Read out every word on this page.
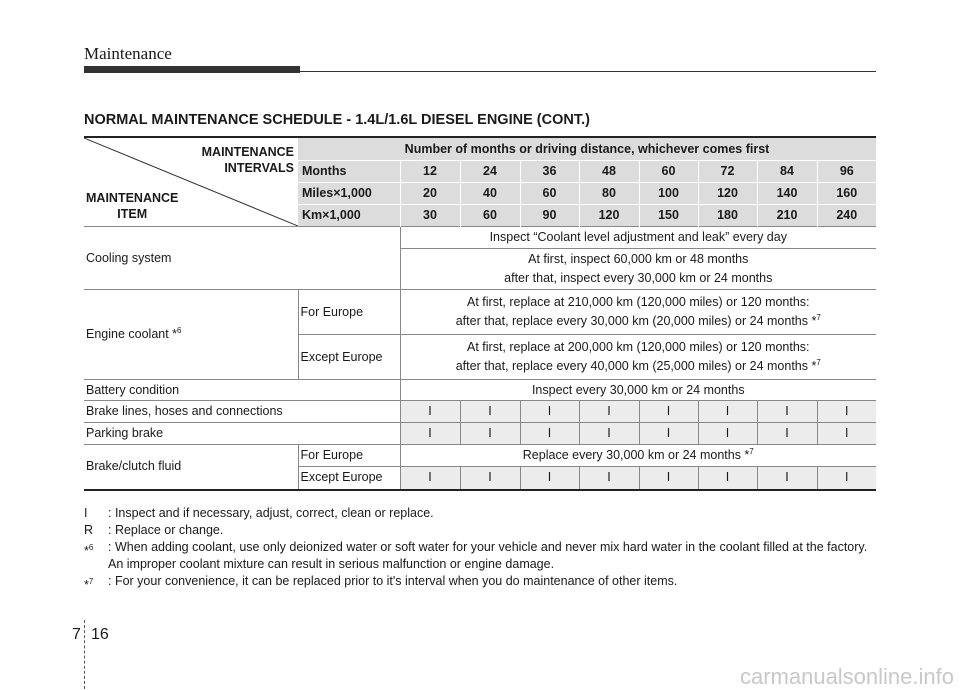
Maintenance
NORMAL MAINTENANCE SCHEDULE - 1.4L/1.6L DIESEL ENGINE (CONT.)
MAINTENANCE
INTERVALS
MAINTENANCE
ITEM	Number of months or driving distance, whichever comes first								
	Months	12	24	36	48	60	72	84	96
	Miles×1,000	20	40	60	80	100	120	140	160
	Km×1,000	30	60	90	120	150	180	210	240
Cooling system		Inspect “Coolant level adjustment and leak” every day							

		At first, inspect 60,000 km or 48 months
after that, inspect every 30,000 km or 24 months							

Engine coolant *$^6$	For Europe	At first, replace at 210,000 km (120,000 miles) or 120 months:
after that, replace every 30,000 km (20,000 miles) or 24 months *$^7$

	Except Europe	At first, replace at 200,000 km (120,000 miles) or 120 months:
after that, replace every 40,000 km (25,000 miles) or 24 months *$^7$

Battery condition		Inspect every 30,000 km or 24 months							
Brake lines, hoses and connections		I	I	I	I	I	I	I	I
Parking brake		I	I	I	I	I	I	I	I
Brake/clutch fluid	For Europe	Replace every 30,000 km or 24 months *$^7$
	Except Europe	I	I	I	I	I	I	I	I
I : Inspect and if necessary, adjust, correct, clean or replace.
R : Replace or change.
*$^6$ : When adding coolant, use only deionized water or soft water for your vehicle and never mix hard water in the coolant filled at the factory. An improper coolant mixture can result in serious malfunction or engine damage.
*$^7$ : For your convenience, it can be replaced prior to it's interval when you do maintenance of other items.
7 16
carmanualsonline.info
